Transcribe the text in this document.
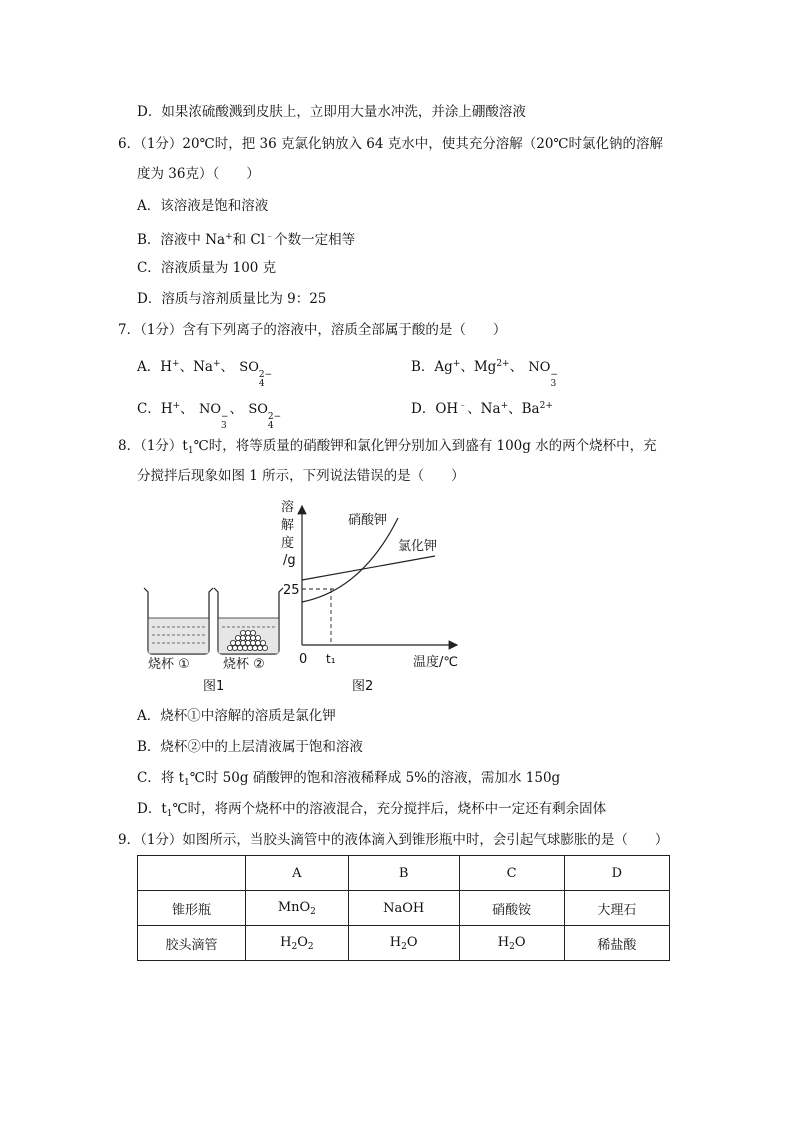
D．如果浓硫酸溅到皮肤上，立即用大量水冲洗，并涂上硼酸溶液
6．（1分）20℃时，把 36 克氯化钠放入 64 克水中，使其充分溶解（20℃时氯化钠的溶解
度为 36克）（　　）
A．该溶液是饱和溶液
B．溶液中 Na+和 Cl﹣个数一定相等
C．溶液质量为 100 克
D．溶质与溶剂质量比为 9：25
7．（1分）含有下列离子的溶液中，溶质全部属于酸的是（　　）
A．H+、Na+、 SO 2−
4
B．Ag+、$Mg^{2+}$、 NO −
3
C．H+、 NO −
3
、 SO 2−
4
D．OH﹣、Na+、$Ba^{2+}$
8．（1分）$t_1℃$时，将等质量的硝酸钾和氯化钾分别加入到盛有 100g 水的两个烧杯中，充
分搅拌后现象如图 1 所示，下列说法错误的是（　　）
烧杯 ①	烧杯 ②
图1
溶
解
度
/g
25
0 t₁	温度/℃
硝酸钾
氯化钾
图2
A．烧杯①中溶解的溶质是氯化钾
B．烧杯②中的上层清液属于饱和溶液
C．将 $t_1℃$时 50g 硝酸钾的饱和溶液稀释成 5%的溶液，需加水 150g
D．$t_1℃$时，将两个烧杯中的溶液混合，充分搅拌后，烧杯中一定还有剩余固体
9．（1分）如图所示，当胶头滴管中的液体滴入到锥形瓶中时，会引起气球膨胀的是（　　）
	A	B	C	D
锥形瓶	MnO$_2$	NaOH	硝酸铵	大理石
胶头滴管	$H_2O_2$	$H_2O$	$H_2O$	稀盐酸
